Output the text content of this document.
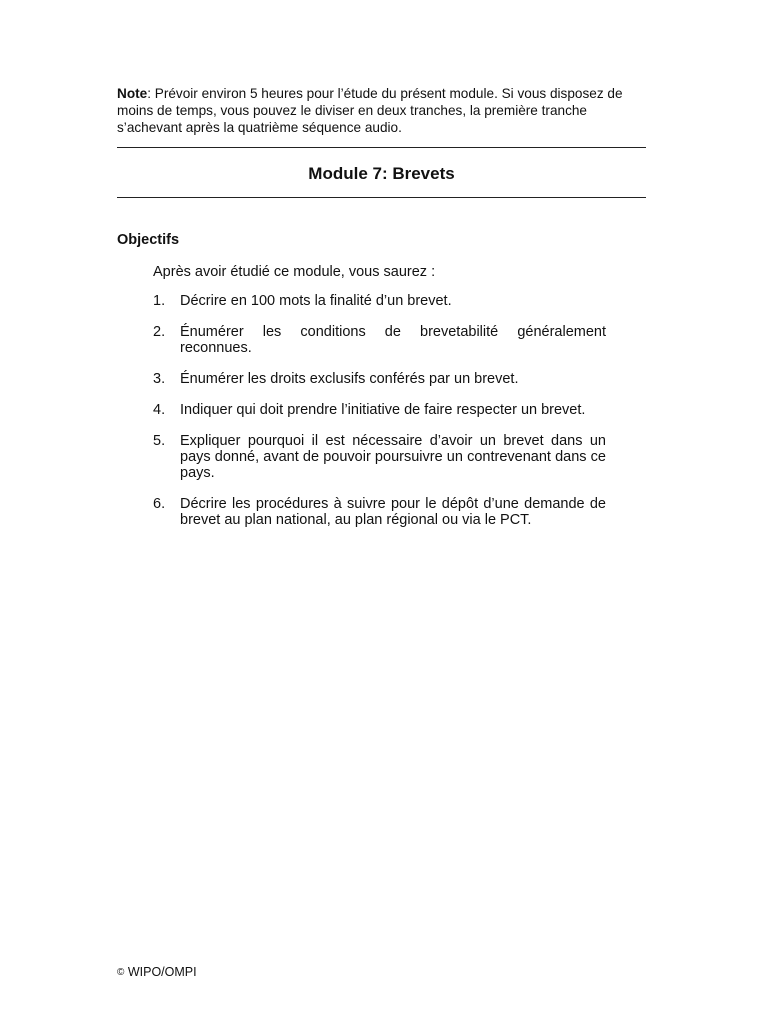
Note: Prévoir environ 5 heures pour l’étude du présent module. Si vous disposez de moins de temps, vous pouvez le diviser en deux tranches, la première tranche s’achevant après la quatrième séquence audio.
Module 7: Brevets
Objectifs
Après avoir étudié ce module, vous saurez :
1. Décrire en 100 mots la finalité d’un brevet.
2. Énumérer les conditions de brevetabilité généralement reconnues.
3. Énumérer les droits exclusifs conférés par un brevet.
4. Indiquer qui doit prendre l’initiative de faire respecter un brevet.
5. Expliquer pourquoi il est nécessaire d’avoir un brevet dans un pays donné, avant de pouvoir poursuivre un contrevenant dans ce pays.
6. Décrire les procédures à suivre pour le dépôt d’une demande de brevet au plan national, au plan régional ou via le PCT.
© WIPO/OMPI
